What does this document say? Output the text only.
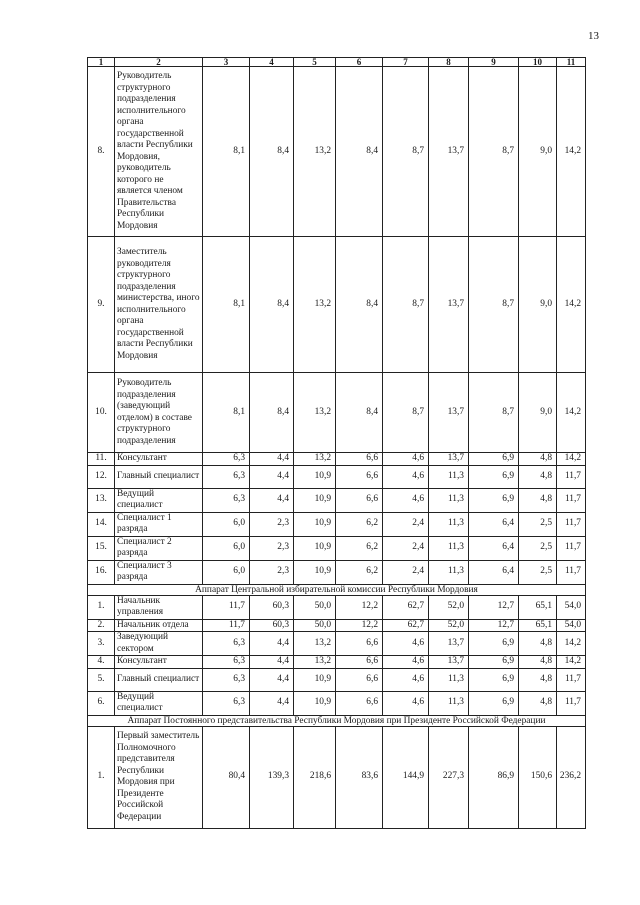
13
1	2	3	4	5	6	7	8	9	10	11
8.	Руководитель структурного подразделения исполнительного органа государственной власти Республики Мордовия, руководитель которого не является членом Правительства Республики Мордовия	8,1	8,4	13,2	8,4	8,7	13,7	8,7	9,0	14,2
9.	Заместитель руководителя структурного подразделения министерства, иного исполнительного органа государственной власти Республики Мордовия	8,1	8,4	13,2	8,4	8,7	13,7	8,7	9,0	14,2
10.	Руководитель подразделения (заведующий отделом) в составе структурного подразделения	8,1	8,4	13,2	8,4	8,7	13,7	8,7	9,0	14,2
11.	Консультант	6,3	4,4	13,2	6,6	4,6	13,7	6,9	4,8	14,2
12.	Главный специалист	6,3	4,4	10,9	6,6	4,6	11,3	6,9	4,8	11,7
13.	Ведущий специалист	6,3	4,4	10,9	6,6	4,6	11,3	6,9	4,8	11,7
14.	Специалист 1 разряда	6,0	2,3	10,9	6,2	2,4	11,3	6,4	2,5	11,7
15.	Специалист 2 разряда	6,0	2,3	10,9	6,2	2,4	11,3	6,4	2,5	11,7
16.	Специалист 3 разряда	6,0	2,3	10,9	6,2	2,4	11,3	6,4	2,5	11,7
Аппарат Центральной избирательной комиссии Республики Мордовия										
1.	Начальник управления	11,7	60,3	50,0	12,2	62,7	52,0	12,7	65,1	54,0
2.	Начальник отдела	11,7	60,3	50,0	12,2	62,7	52,0	12,7	65,1	54,0
3.	Заведующий сектором	6,3	4,4	13,2	6,6	4,6	13,7	6,9	4,8	14,2
4.	Консультант	6,3	4,4	13,2	6,6	4,6	13,7	6,9	4,8	14,2
5.	Главный специалист	6,3	4,4	10,9	6,6	4,6	11,3	6,9	4,8	11,7
6.	Ведущий специалист	6,3	4,4	10,9	6,6	4,6	11,3	6,9	4,8	11,7
Аппарат Постоянного представительства Республики Мордовия при Президенте Российской Федерации										
1.	Первый заместитель Полномочного представителя Республики Мордовия при Президенте Российской Федерации	80,4	139,3	218,6	83,6	144,9	227,3	86,9	150,6	236,2
